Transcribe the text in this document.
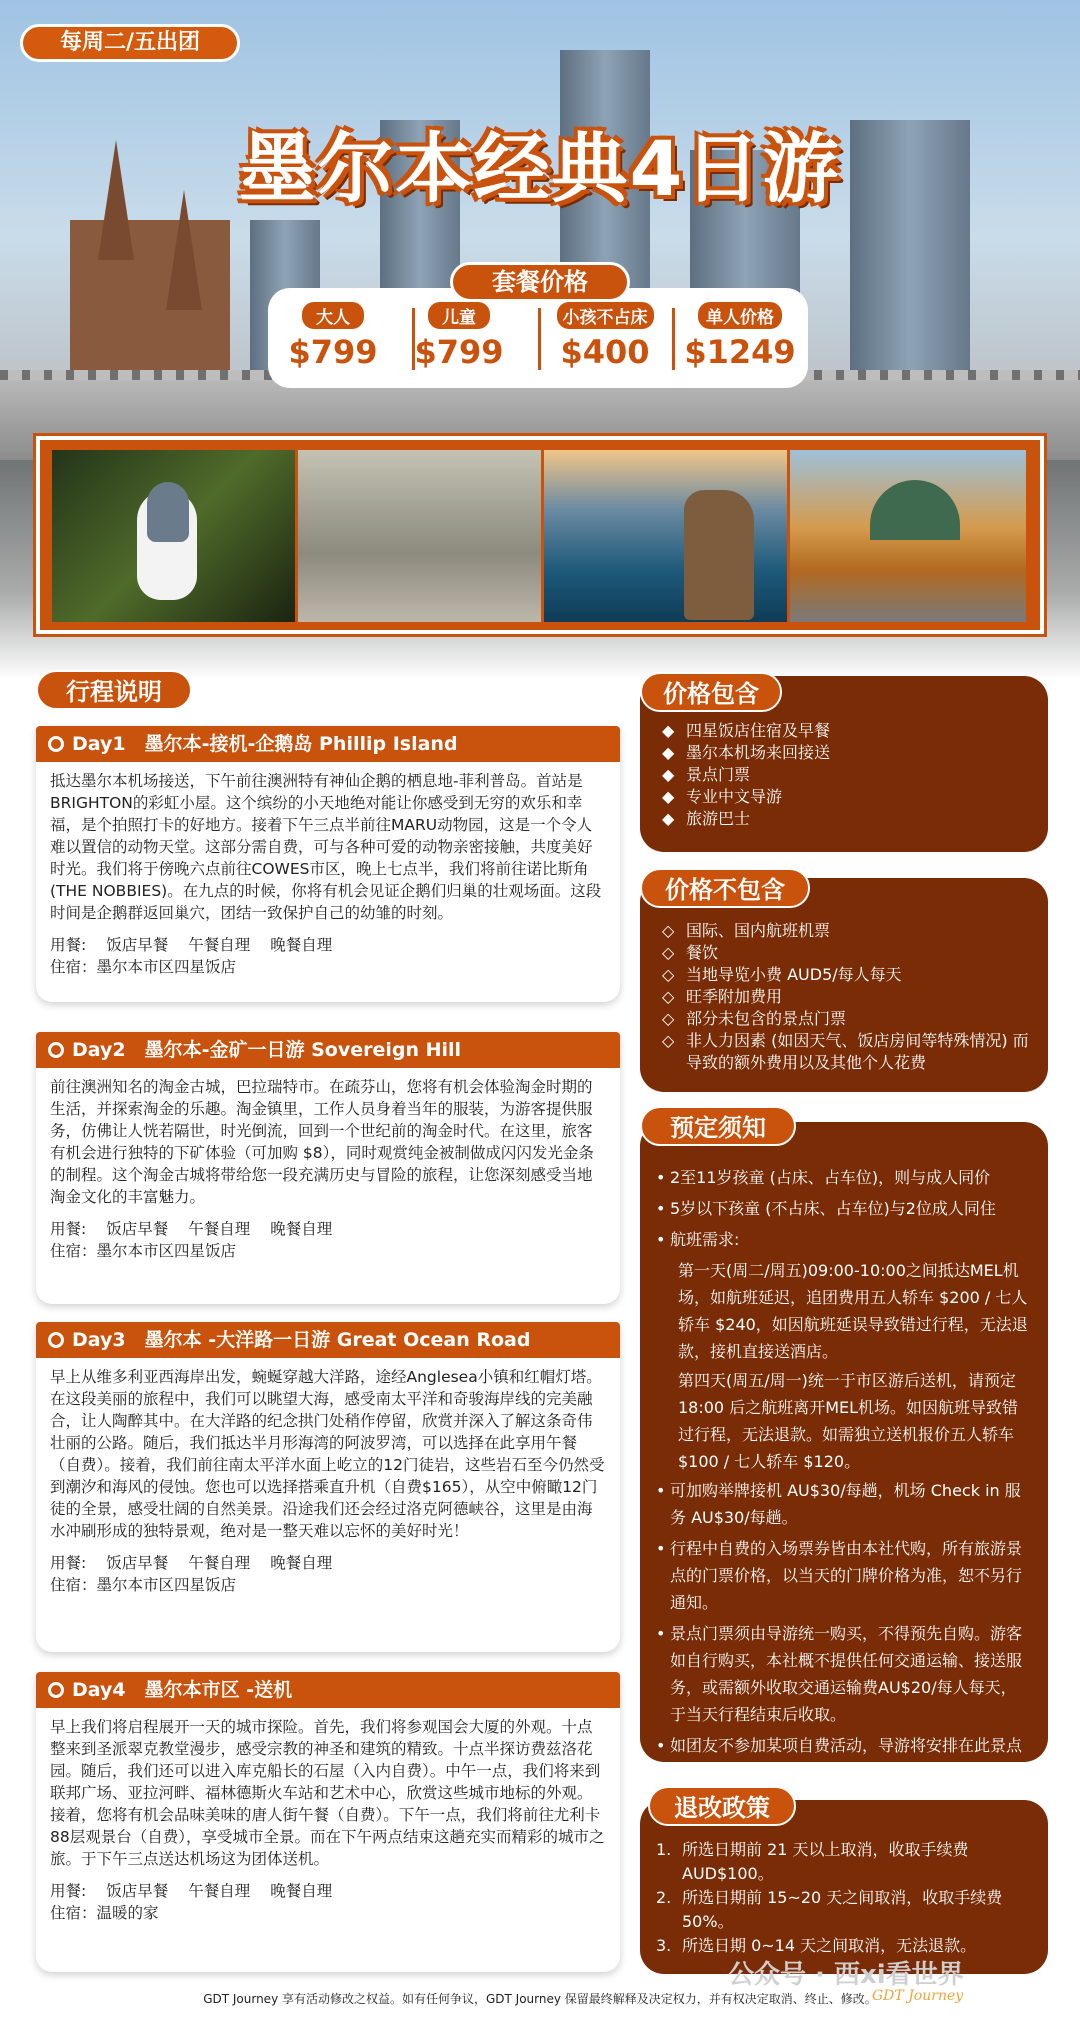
每周二/五出团
墨尔本经典4日游
套餐价格
大人
$799
儿童
$799
小孩不占床
$400
单人价格
$1249
行程说明
Day1　墨尔本-接机-企鹅岛 Phillip Island
抵达墨尔本机场接送，下午前往澳洲特有神仙企鹅的栖息地-菲利普岛。首站是BRIGHTON的彩虹小屋。这个缤纷的小天地绝对能让你感受到无穷的欢乐和幸福，是个拍照打卡的好地方。接着下午三点半前往MARU动物园，这是一个令人难以置信的动物天堂。这部分需自费，可与各种可爱的动物亲密接触，共度美好时光。我们将于傍晚六点前往COWES市区，晚上七点半，我们将前往诺比斯角(THE NOBBIES)。在九点的时候，你将有机会见证企鹅们归巢的壮观场面。这段时间是企鹅群返回巢穴，团结一致保护自己的幼雏的时刻。
用餐: 饭店早餐 午餐自理 晚餐自理
住宿：墨尔本市区四星饭店
Day2　墨尔本-金矿一日游 Sovereign Hill
前往澳洲知名的淘金古城，巴拉瑞特市。在疏芬山，您将有机会体验淘金时期的生活，并探索淘金的乐趣。淘金镇里，工作人员身着当年的服装，为游客提供服务，仿佛让人恍若隔世，时光倒流，回到一个世纪前的淘金时代。在这里，旅客有机会进行独特的下矿体验（可加购 $8），同时观赏纯金被制做成闪闪发光金条的制程。这个淘金古城将带给您一段充满历史与冒险的旅程，让您深刻感受当地淘金文化的丰富魅力。
用餐: 饭店早餐 午餐自理 晚餐自理
住宿：墨尔本市区四星饭店
Day3　墨尔本 -大洋路一日游 Great Ocean Road
早上从维多利亚西海岸出发，蜿蜒穿越大洋路，途经Anglesea小镇和红帽灯塔。在这段美丽的旅程中，我们可以眺望大海，感受南太平洋和奇骏海岸线的完美融合，让人陶醉其中。在大洋路的纪念拱门处稍作停留，欣赏并深入了解这条奇伟壮丽的公路。随后，我们抵达半月形海湾的阿波罗湾，可以选择在此享用午餐（自费）。接着，我们前往南太平洋水面上屹立的12门徒岩，这些岩石至今仍然受到潮汐和海风的侵蚀。您也可以选择搭乘直升机（自费$165），从空中俯瞰12门徒的全景，感受壮阔的自然美景。沿途我们还会经过洛克阿德峡谷，这里是由海水冲刷形成的独特景观，绝对是一整天难以忘怀的美好时光！
用餐: 饭店早餐 午餐自理 晚餐自理
住宿：墨尔本市区四星饭店
Day4　墨尔本市区 -送机
早上我们将启程展开一天的城市探险。首先，我们将参观国会大厦的外观。十点整来到圣派翠克教堂漫步，感受宗教的神圣和建筑的精致。十点半探访费兹洛花园。随后，我们还可以进入库克船长的石屋（入内自费）。中午一点，我们将来到联邦广场、亚拉河畔、福林德斯火车站和艺术中心，欣赏这些城市地标的外观。接着，您将有机会品味美味的唐人街午餐（自费）。下午一点，我们将前往尤利卡88层观景台（自费），享受城市全景。而在下午两点结束这趟充实而精彩的城市之旅。于下午三点送达机场这为团体送机。
用餐: 饭店早餐 午餐自理 晚餐自理
住宿：温暖的家
◆ 四星饭店住宿及早餐
◆ 墨尔本机场来回接送
◆ 景点门票
◆ 专业中文导游
◆ 旅游巴士
价格包含
◇ 国际、国内航班机票
◇ 餐饮
◇ 当地导览小费 AUD5/每人每天
◇ 旺季附加费用
◇ 部分未包含的景点门票
◇ 非人力因素 (如因天气、饭店房间等特殊情况) 而导致的额外费用以及其他个人花费
价格不包含
• 2至11岁孩童 (占床、占车位)，则与成人同价
• 5岁以下孩童 (不占床、占车位)与2位成人同住
• 航班需求:
第一天(周二/周五)09:00-10:00之间抵达MEL机场，如航班延迟，追团费用五人轿车 $200 / 七人轿车 $240，如因航班延误导致错过行程，无法退款，接机直接送酒店。
第四天(周五/周一)统一于市区游后送机，请预定18:00 后之航班离开MEL机场。如因航班导致错过行程，无法退款。如需独立送机报价五人轿车 $100 / 七人轿车 $120。
• 可加购举牌接机 AU$30/每趟，机场 Check in 服务 AU$30/每趟。
• 行程中自费的入场票券皆由本社代购，所有旅游景点的门票价格，以当天的门牌价格为准，恕不另行通知。
• 景点门票须由导游统一购买，不得预先自购。游客如自行购买，本社概不提供任何交通运输、接送服务，或需额外收取交通运输费AU$20/每人每天，于当天行程结束后收取。
• 如团友不参加某项自费活动，导游将安排在此景点自由活动至正常集合时间。
预定须知
1. 所选日期前 21 天以上取消，收取手续费 AUD$100。
2. 所选日期前 15~20 天之间取消，收取手续费 50%。
3. 所选日期 0~14 天之间取消，无法退款。
退改政策
公众号 · 西xi看世界
GDT Journey 享有活动修改之权益。如有任何争议，GDT Journey 保留最终解释及决定权力，并有权决定取消、终止、修改。
GDT Journey
